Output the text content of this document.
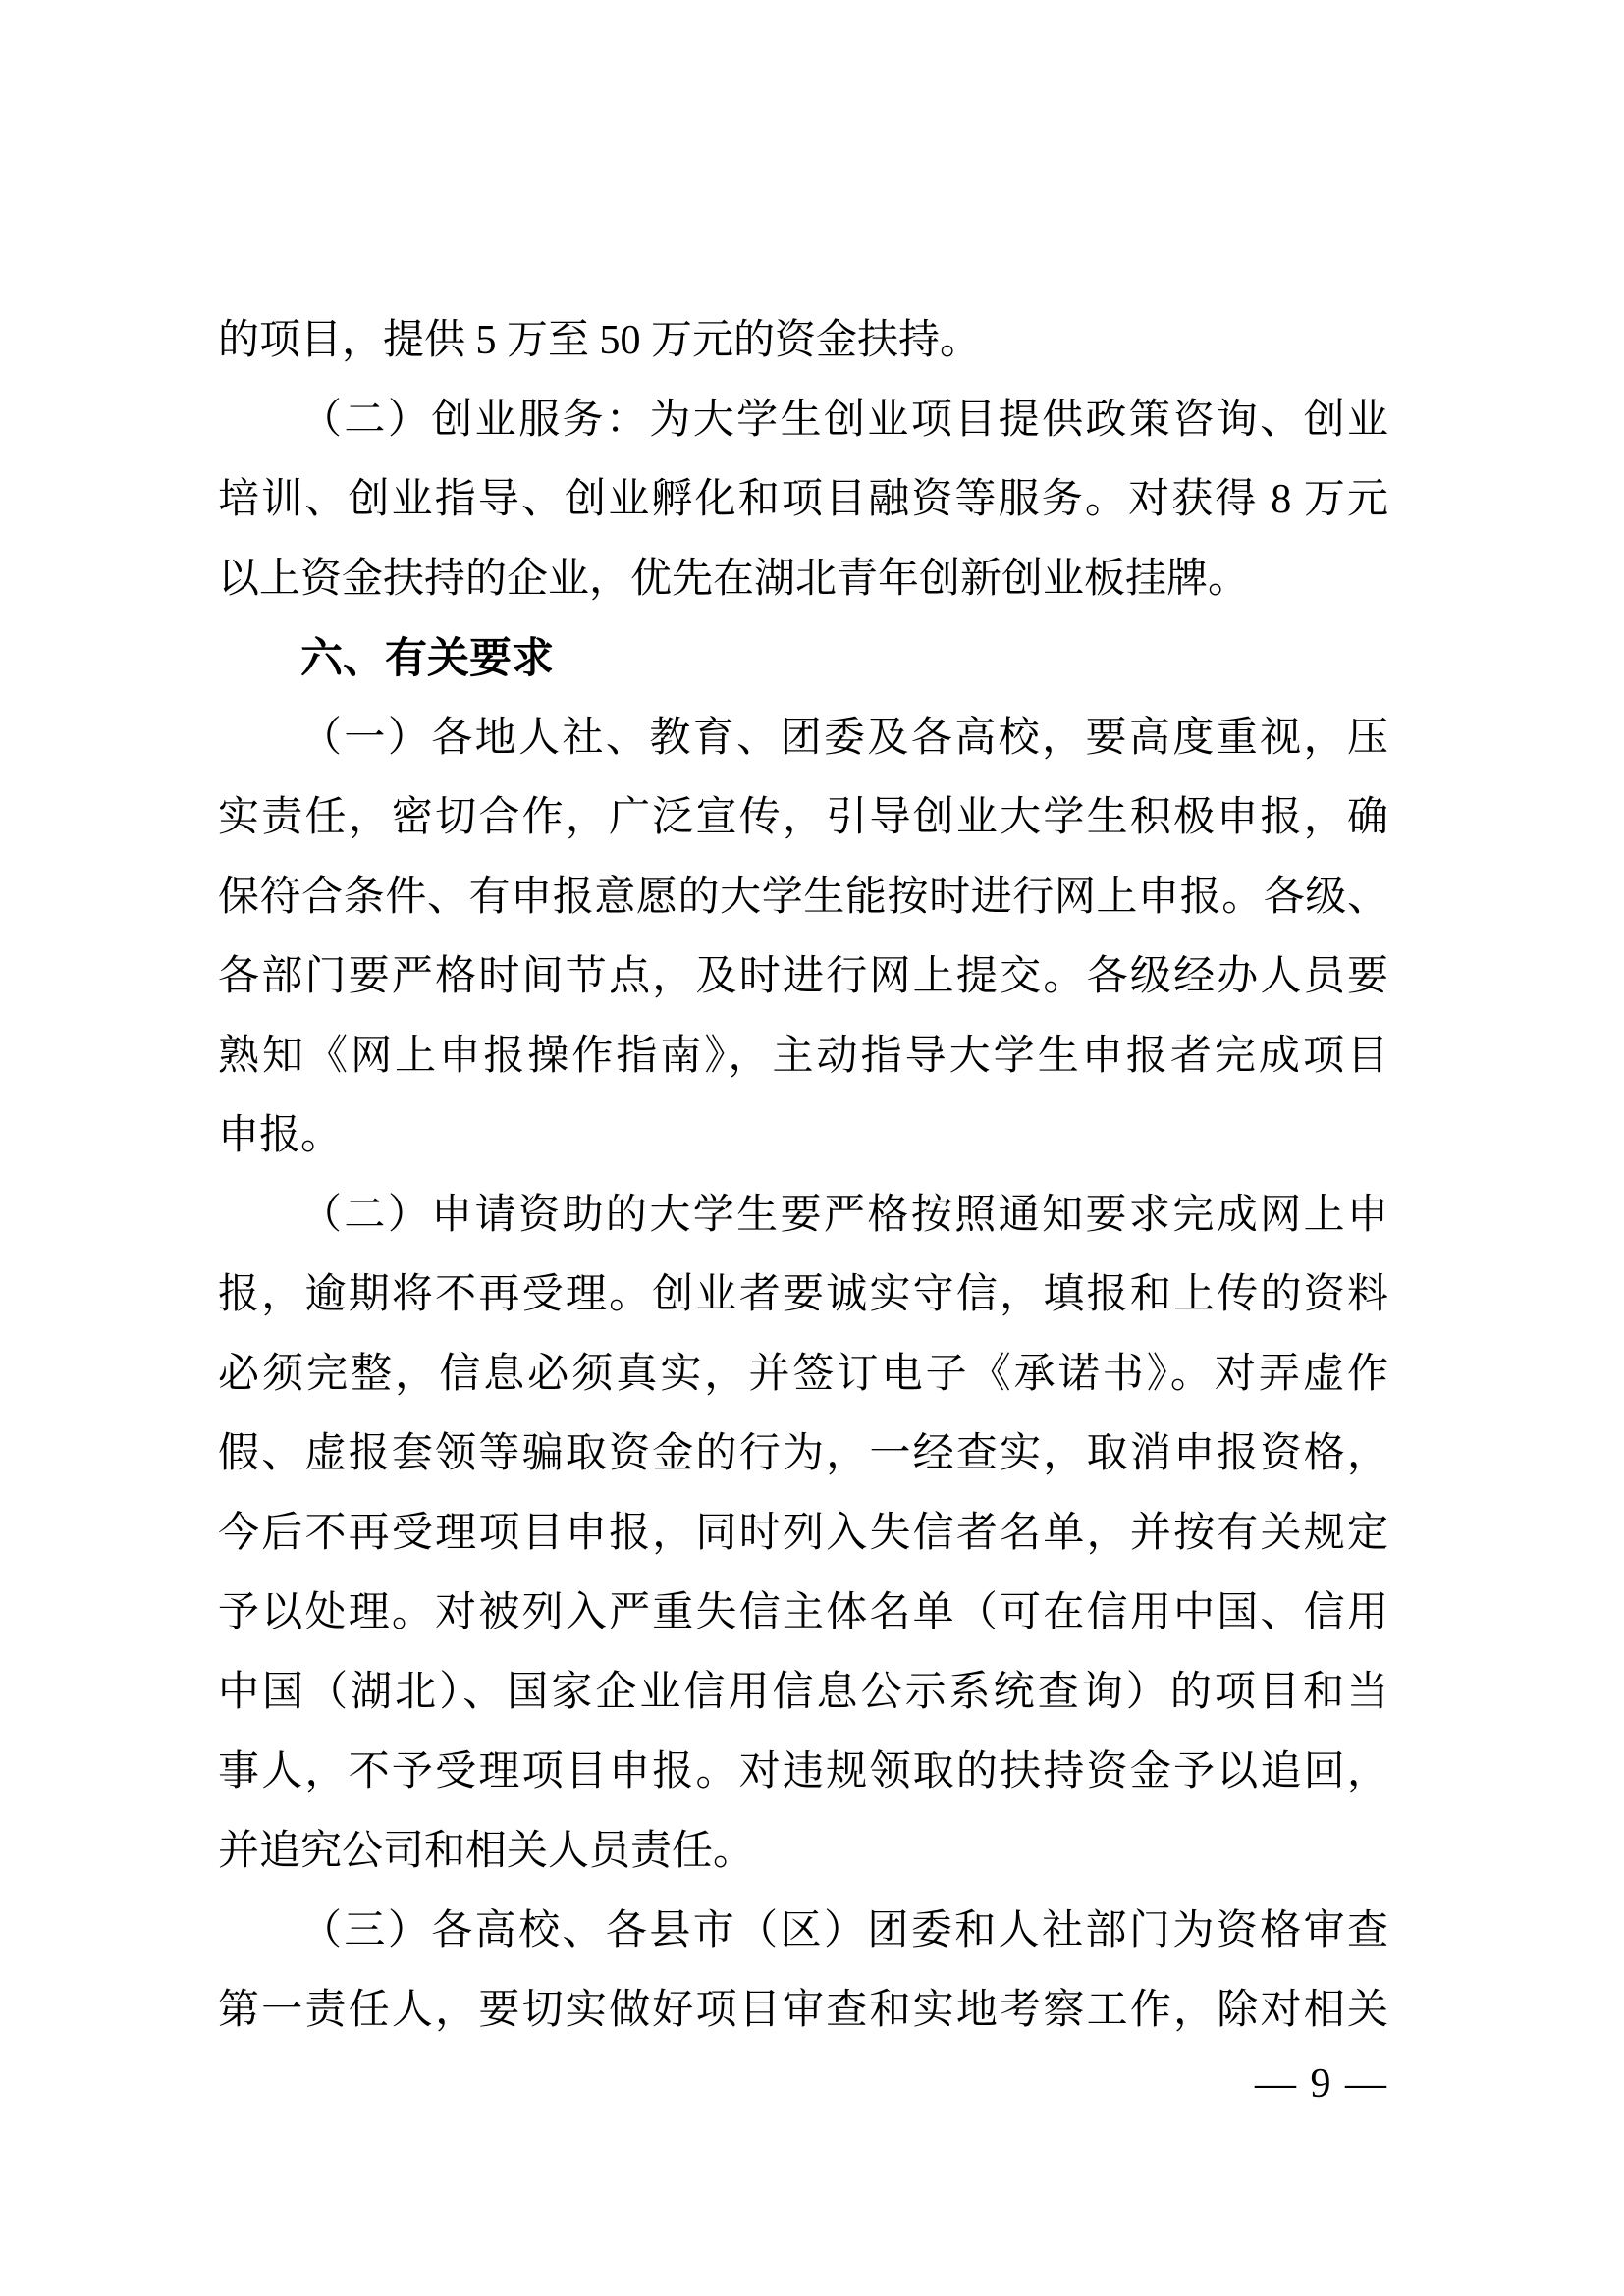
的项目，提供 5 万至 50 万元的资金扶持。
（二）创业服务：为大学生创业项目提供政策咨询、创业
培训、创业指导、创业孵化和项目融资等服务。对获得 8 万元
以上资金扶持的企业，优先在湖北青年创新创业板挂牌。
六、有关要求
（一）各地人社、教育、团委及各高校，要高度重视，压
实责任，密切合作，广泛宣传，引导创业大学生积极申报，确
保符合条件、有申报意愿的大学生能按时进行网上申报。各级、
各部门要严格时间节点，及时进行网上提交。各级经办人员要
熟知《网上申报操作指南》，主动指导大学生申报者完成项目
申报。
（二）申请资助的大学生要严格按照通知要求完成网上申
报，逾期将不再受理。创业者要诚实守信，填报和上传的资料
必须完整，信息必须真实，并签订电子《承诺书》。对弄虚作
假、虚报套领等骗取资金的行为，一经查实，取消申报资格，
今后不再受理项目申报，同时列入失信者名单，并按有关规定
予以处理。对被列入严重失信主体名单（可在信用中国、信用
中国（湖北）、国家企业信用信息公示系统查询）的项目和当
事人，不予受理项目申报。对违规领取的扶持资金予以追回，
并追究公司和相关人员责任。
（三）各高校、各县市（区）团委和人社部门为资格审查
第一责任人，要切实做好项目审查和实地考察工作，除对相关
— 9 —
